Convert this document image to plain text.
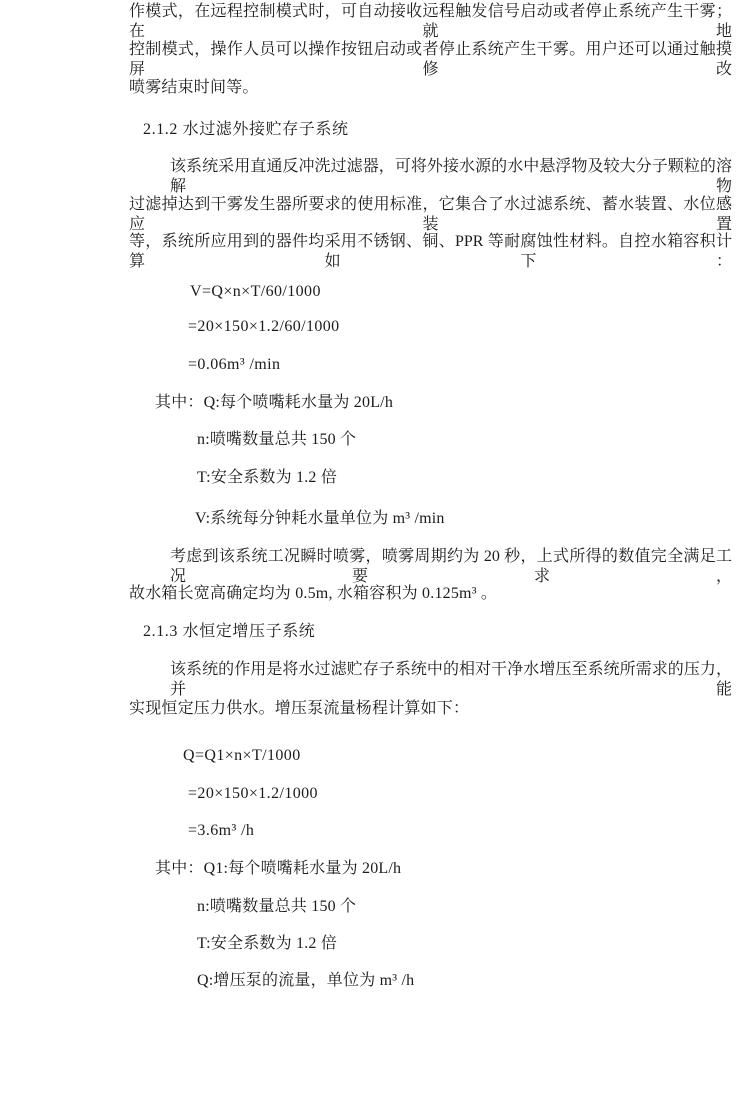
作模式，在远程控制模式时，可自动接收远程触发信号启动或者停止系统产生干雾；在就地
控制模式，操作人员可以操作按钮启动或者停止系统产生干雾。用户还可以通过触摸屏修改
喷雾结束时间等。
2.1.2 水过滤外接贮存子系统
该系统采用直通反冲洗过滤器，可将外接水源的水中悬浮物及较大分子颗粒的溶解物
过滤掉达到干雾发生器所要求的使用标准，它集合了水过滤系统、蓄水装置、水位感应装置
等，系统所应用到的器件均采用不锈钢、铜、PPR 等耐腐蚀性材料。自控水箱容积计算如下：
V=Q×n×T/60/1000
=20×150×1.2/60/1000
=0.06m³ /min
其中：Q:每个喷嘴耗水量为 20L/h
n:喷嘴数量总共 150 个
T:安全系数为 1.2 倍
V:系统每分钟耗水量单位为 m³ /min
考虑到该系统工况瞬时喷雾，喷雾周期约为 20 秒，上式所得的数值完全满足工况要求，
故水箱长宽高确定均为 0.5m, 水箱容积为 0.125m³ 。
2.1.3 水恒定增压子系统
该系统的作用是将水过滤贮存子系统中的相对干净水增压至系统所需求的压力，并能
实现恒定压力供水。增压泵流量杨程计算如下：
Q=Q1×n×T/1000
=20×150×1.2/1000
=3.6m³ /h
其中：Q1:每个喷嘴耗水量为 20L/h
n:喷嘴数量总共 150 个
T:安全系数为 1.2 倍
Q:增压泵的流量，单位为 m³ /h
